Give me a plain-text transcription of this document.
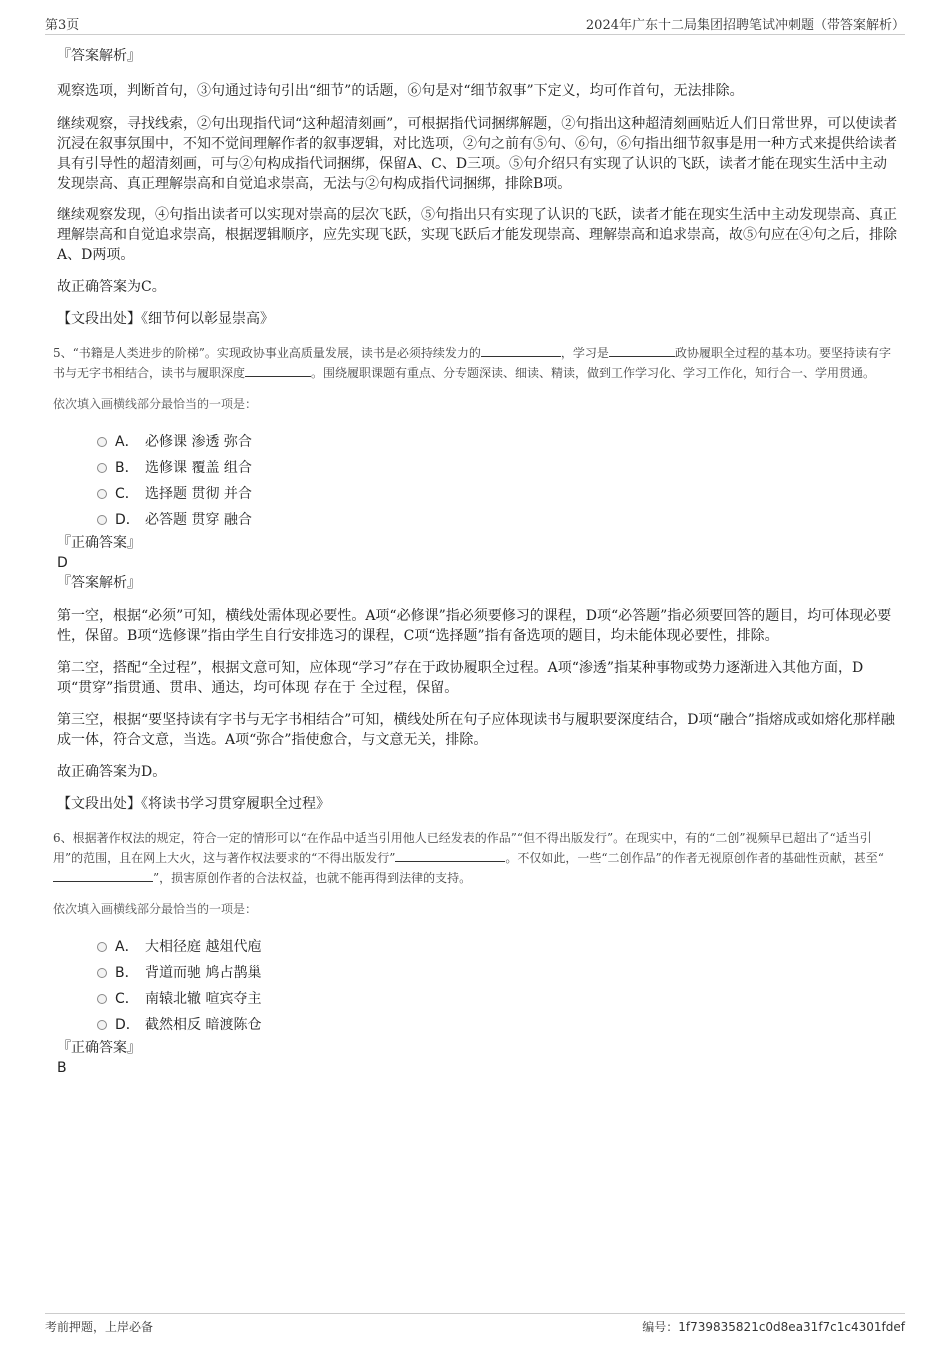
第3页	2024年广东十二局集团招聘笔试冲刺题（带答案解析）

『答案解析』

观察选项，判断首句，③句通过诗句引出“细节”的话题，⑥句是对“细节叙事”下定义，均可作首句，无法排除。

继续观察，寻找线索，②句出现指代词“这种超清刻画”，可根据指代词捆绑解题，②句指出这种超清刻画贴近人们日常世界，可以使读者沉浸在叙事氛围中，不知不觉间理解作者的叙事逻辑，对比选项，②句之前有⑤句、⑥句，⑥句指出细节叙事是用一种方式来提供给读者具有引导性的超清刻画，可与②句构成指代词捆绑，保留A、C、D三项。⑤句介绍只有实现了认识的飞跃，读者才能在现实生活中主动发现崇高、真正理解崇高和自觉追求崇高，无法与②句构成指代词捆绑，排除B项。

继续观察发现，④句指出读者可以实现对崇高的层次飞跃，⑤句指出只有实现了认识的飞跃，读者才能在现实生活中主动发现崇高、真正理解崇高和自觉追求崇高，根据逻辑顺序，应先实现飞跃，实现飞跃后才能发现崇高、理解崇高和追求崇高，故⑤句应在④句之后，排除A、D两项。

故正确答案为C。

【文段出处】《细节何以彰显崇高》

5、“书籍是人类进步的阶梯”。实现政协事业高质量发展，读书是必须持续发力的	，学习是	政协履职全过程的基本功。要坚持读有字书与无字书相结合，读书与履职深度	。围绕履职课题有重点、分专题深读、细读、精读，做到工作学习化、学习工作化，知行合一、学用贯通。

依次填入画横线部分最恰当的一项是：

A． 必修课 渗透 弥合
B． 选修课 覆盖 组合
C． 选择题 贯彻 并合
D． 必答题 贯穿 融合

『正确答案』

D

『答案解析』

第一空，根据“必须”可知，横线处需体现必要性。A项“必修课”指必须要修习的课程，D项“必答题”指必须要回答的题目，均可体现必要性，保留。B项“选修课”指由学生自行安排选习的课程，C项“选择题”指有备选项的题目，均未能体现必要性，排除。

第二空，搭配“全过程”，根据文意可知，应体现“学习”存在于政协履职全过程。A项“渗透”指某种事物或势力逐渐进入其他方面，D项“贯穿”指贯通、贯串、通达，均可体现 存在于 全过程，保留。

第三空，根据“要坚持读有字书与无字书相结合”可知，横线处所在句子应体现读书与履职要深度结合，D项“融合”指熔成或如熔化那样融成一体，符合文意，当选。A项“弥合”指使愈合，与文意无关，排除。

故正确答案为D。

【文段出处】《将读书学习贯穿履职全过程》

6、根据著作权法的规定，符合一定的情形可以“在作品中适当引用他人已经发表的作品”“但不得出版发行”。在现实中，有的“二创”视频早已超出了“适当引用”的范围，且在网上大火，这与著作权法要求的“不得出版发行”	。不仅如此，一些“二创作品”的作者无视原创作者的基础性贡献，甚至“”，损害原创作者的合法权益，也就不能再得到法律的支持。

依次填入画横线部分最恰当的一项是：

A． 大相径庭 越俎代庖
B． 背道而驰 鸠占鹊巢
C． 南辕北辙 喧宾夺主
D． 截然相反 暗渡陈仓

『正确答案』

B

考前押题，上岸必备	编号：1f739835821c0d8ea31f7c1c4301fdef
